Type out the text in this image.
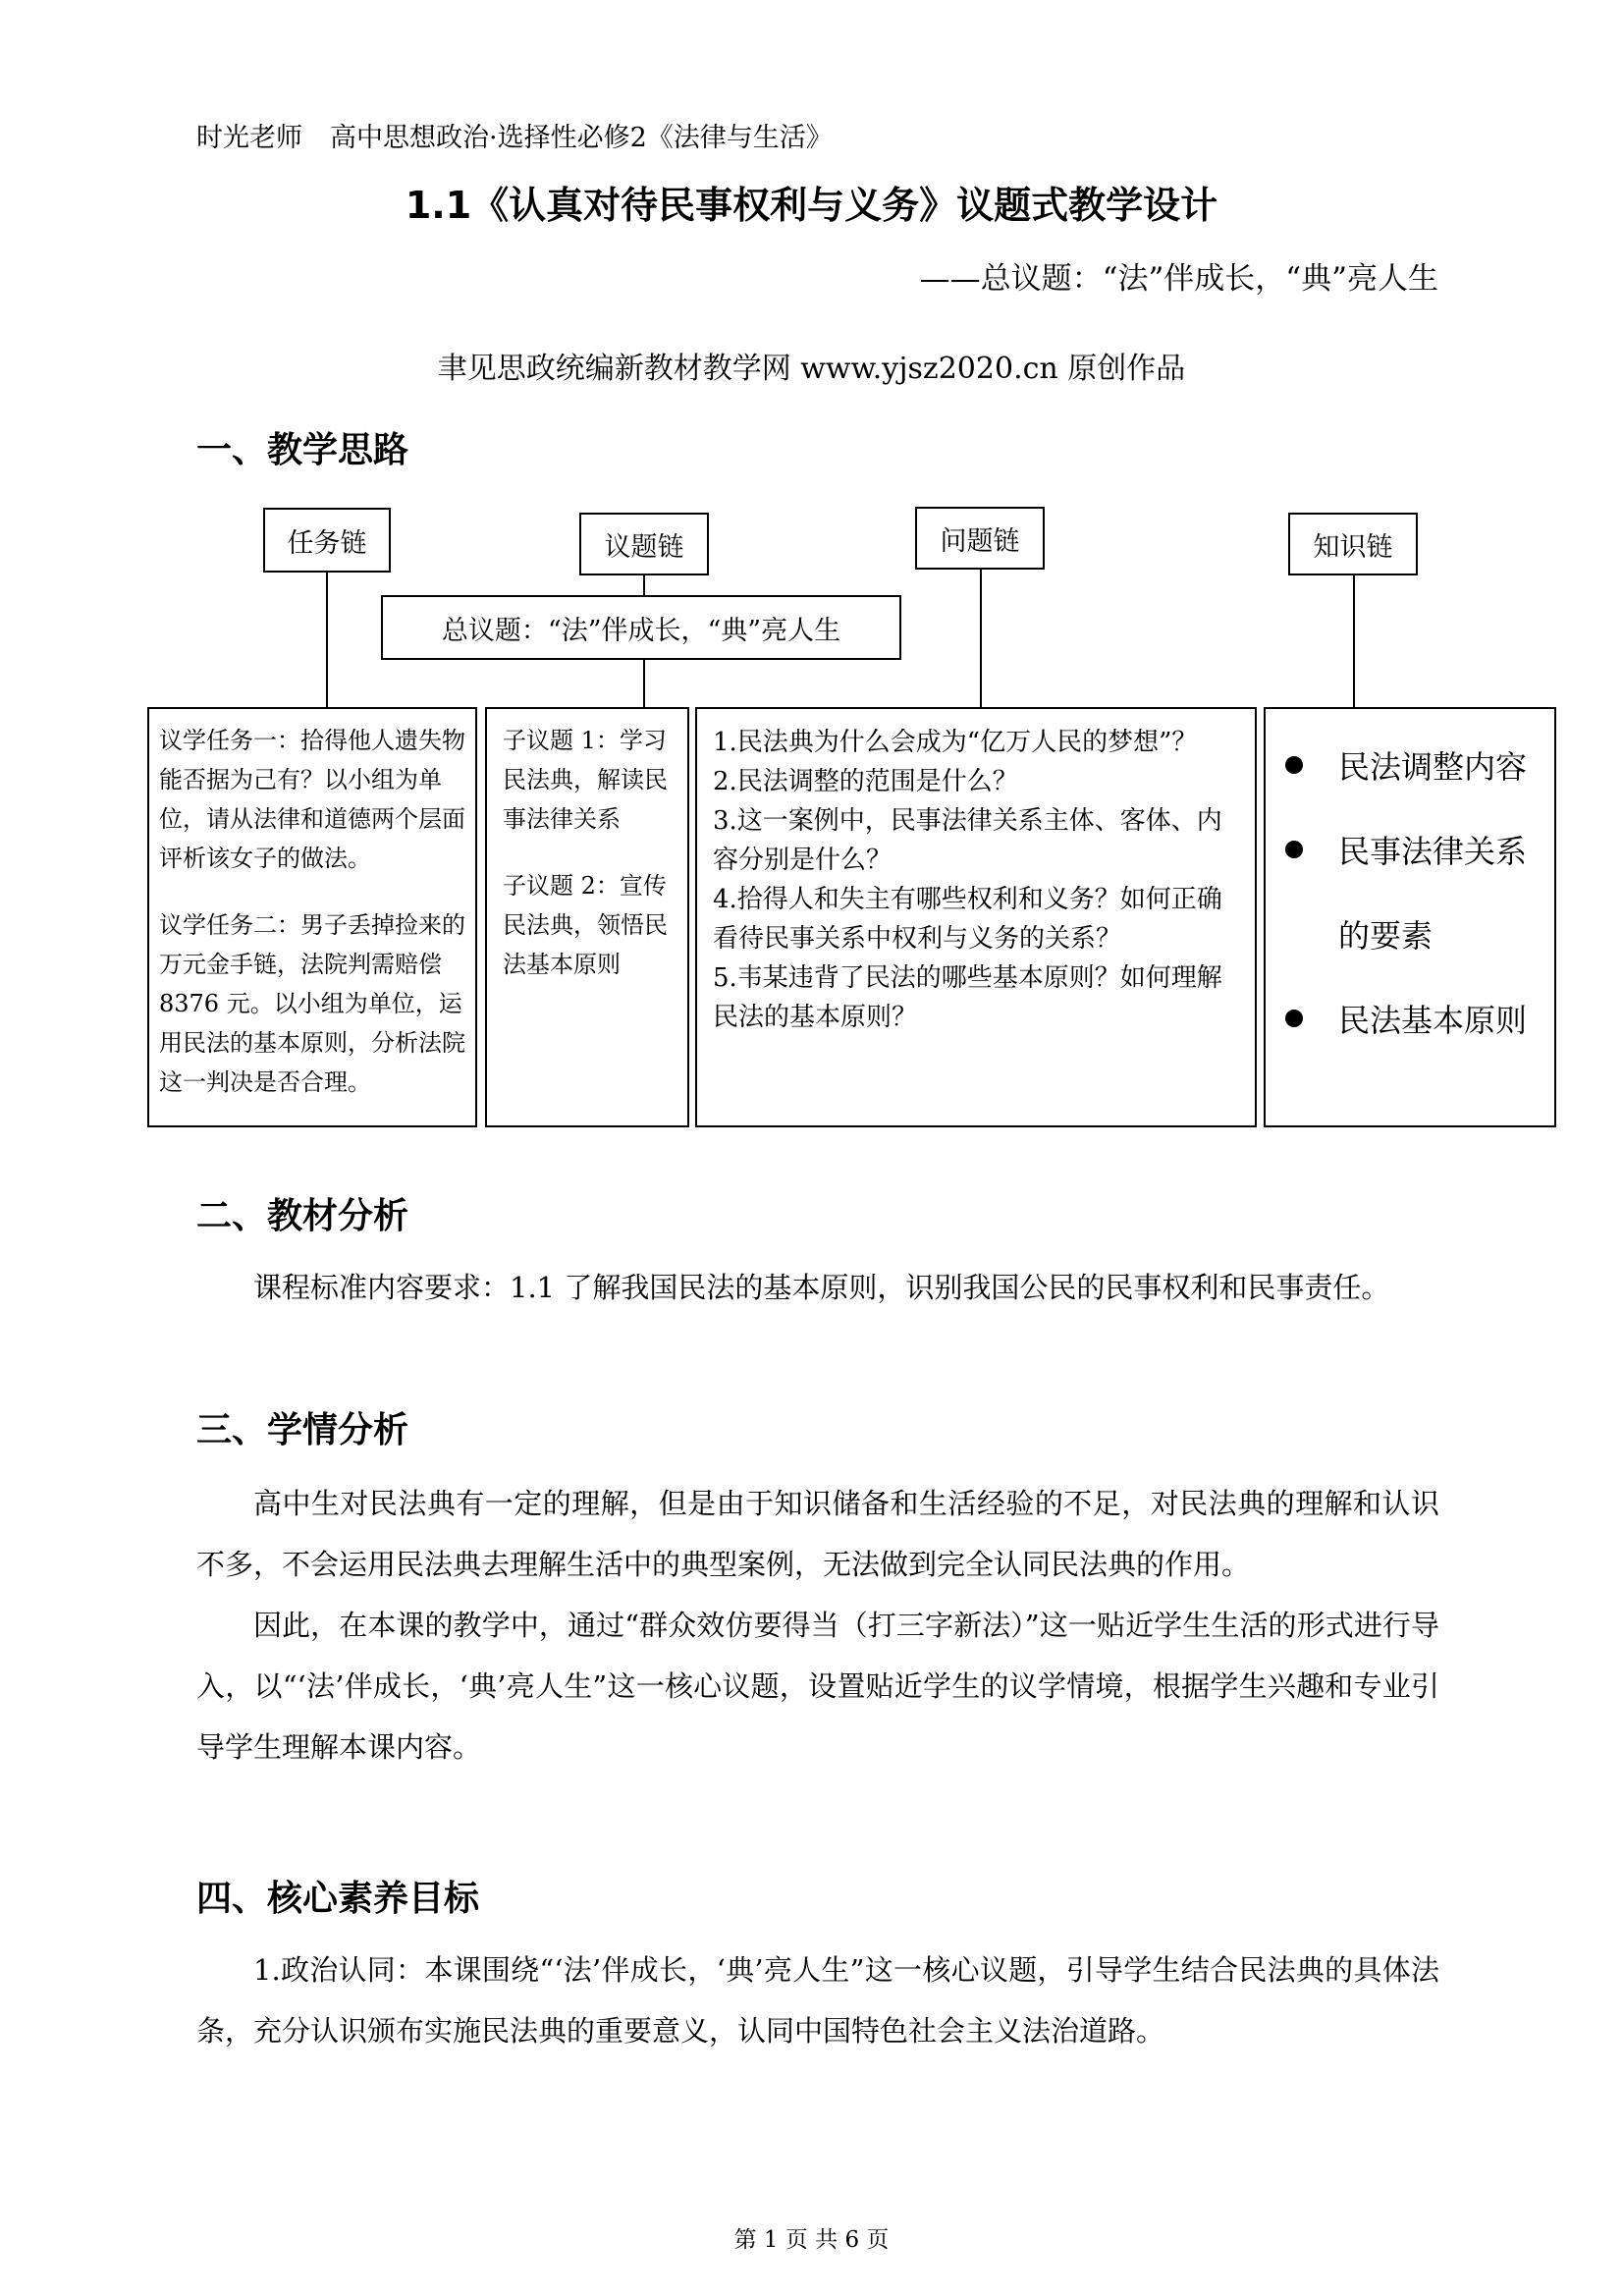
时光老师 高中思想政治·选择性必修2《法律与生活》
1.1《认真对待民事权利与义务》议题式教学设计
——总议题：“法”伴成长，“典”亮人生
聿见思政统编新教材教学网 www.yjsz2020.cn 原创作品
一、教学思路
任务链	议题链	问题链	知识链
总议题：“法”伴成长，“典”亮人生

议学任务一：拾得他人遗失物能否据为己有？以小组为单位，请从法律和道德两个层面评析该女子的做法。

议学任务二：男子丢掉捡来的万元金手链，法院判需赔偿 8376 元。以小组为单位，运用民法的基本原则，分析法院这一判决是否合理。

子议题 1：学习民法典，解读民事法律关系

子议题 2：宣传民法典，领悟民法基本原则

1.民法典为什么会成为“亿万人民的梦想”？

2.民法调整的范围是什么？

3.这一案例中，民事法律关系主体、客体、内容分别是什么？

4.拾得人和失主有哪些权利和义务？如何正确看待民事关系中权利与义务的关系？

5.韦某违背了民法的哪些基本原则？如何理解民法的基本原则？

民法调整内容
民事法律关系
的要素
民法基本原则
二、教材分析

课程标准内容要求：1.1 了解我国民法的基本原则，识别我国公民的民事权利和民事责任。

三、学情分析

高中生对民法典有一定的理解，但是由于知识储备和生活经验的不足，对民法典的理解和认识不多，不会运用民法典去理解生活中的典型案例，无法做到完全认同民法典的作用。

因此，在本课的教学中，通过“群众效仿要得当（打三字新法）”这一贴近学生生活的形式进行导入，以“‘法’伴成长，‘典’亮人生”这一核心议题，设置贴近学生的议学情境，根据学生兴趣和专业引导学生理解本课内容。

四、核心素养目标

1.政治认同：本课围绕“‘法’伴成长，‘典’亮人生”这一核心议题，引导学生结合民法典的具体法条，充分认识颁布实施民法典的重要意义，认同中国特色社会主义法治道路。

第 1 页 共 6 页
